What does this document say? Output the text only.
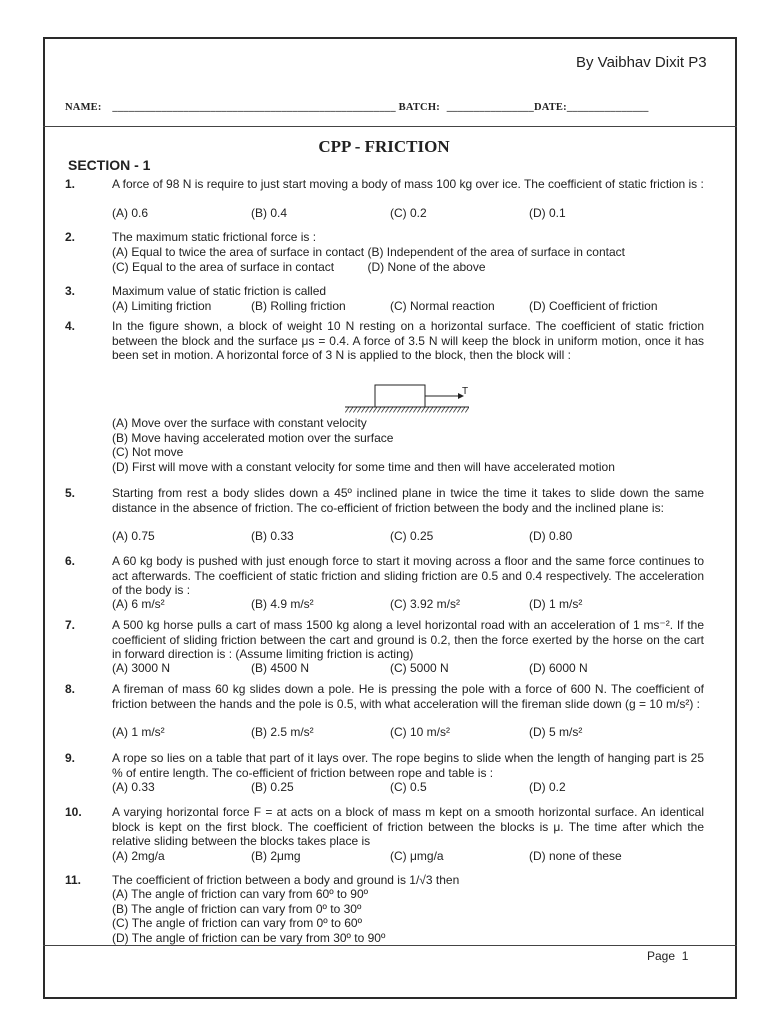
By Vaibhav Dixit P3
NAME: ____________________________________________________ BATCH: ________________DATE:_______________
CPP - FRICTION
SECTION - 1
1.	A force of 98 N is require to just start moving a body of mass 100 kg over ice. The coefficient of static friction is :
(A) 0.6	(B) 0.4	(C) 0.2	(D) 0.1
2.	The maximum static frictional force is :
(A) Equal to twice the area of surface in contact (B) Independent of the area of surface in contact
(C) Equal to the area of surface in contact          (D) None of the above
3.	Maximum value of static friction is called
(A) Limiting friction	(B) Rolling friction	(C) Normal reaction	(D) Coefficient of friction
4.	In the figure shown, a block of weight 10 N resting on a horizontal surface. The coefficient of static friction between the block and the surface μs = 0.4. A force of 3.5 N will keep the block in uniform motion, once it has been set in motion. A horizontal force of 3 N is applied to the block, then the block will :
(A) Move over the surface with constant velocity
(B) Move having accelerated motion over the surface
(C) Not move
(D) First will move with a constant velocity for some time and then will have accelerated motion
T
5.	Starting from rest a body slides down a 45º inclined plane in twice the time it takes to slide down the same distance in the absence of friction. The co-efficient of friction between the body and the inclined plane is:
(A) 0.75	(B) 0.33	(C) 0.25	(D) 0.80
6.	A 60 kg body is pushed with just enough force to start it moving across a floor and the same force continues to act afterwards. The coefficient of static friction and sliding friction are 0.5 and 0.4 respectively. The acceleration of the body is :
(A) 6 m/s²	(B) 4.9 m/s²	(C) 3.92 m/s²	(D) 1 m/s²
7.	A 500 kg horse pulls a cart of mass 1500 kg along a level horizontal road with an acceleration of 1 ms⁻². If the coefficient of sliding friction between the cart and ground is 0.2, then the force exerted by the horse on the cart in forward direction is : (Assume limiting friction is acting)
(A) 3000 N	(B) 4500 N	(C) 5000 N	(D) 6000 N
8.	A fireman of mass 60 kg slides down a pole. He is pressing the pole with a force of 600 N. The coefficient of friction between the hands and the pole is 0.5, with what acceleration will the fireman slide down (g = 10 m/s²) :
(A) 1 m/s²	(B) 2.5 m/s²	(C) 10 m/s²	(D) 5 m/s²
9.	A rope so lies on a table that part of it lays over. The rope begins to slide when the length of hanging part is 25 % of entire length. The co-efficient of friction between rope and table is :
(A) 0.33	(B) 0.25	(C) 0.5	(D) 0.2
10.	A varying horizontal force F = at acts on a block of mass m kept on a smooth horizontal surface. An identical block is kept on the first block. The coefficient of friction between the blocks is μ. The time after which the relative sliding between the blocks takes place is
(A) 2mg/a	(B) 2μmg	(C) μmg/a	(D) none of these
11.	The coefficient of friction between a body and ground is 1/√3 then
(A) The angle of friction can vary from 60º to 90º
(B) The angle of friction can vary from 0º to 30º
(C) The angle of friction can vary from 0º to 60º
(D) The angle of friction can be vary from 30º to 90º
Page 1
